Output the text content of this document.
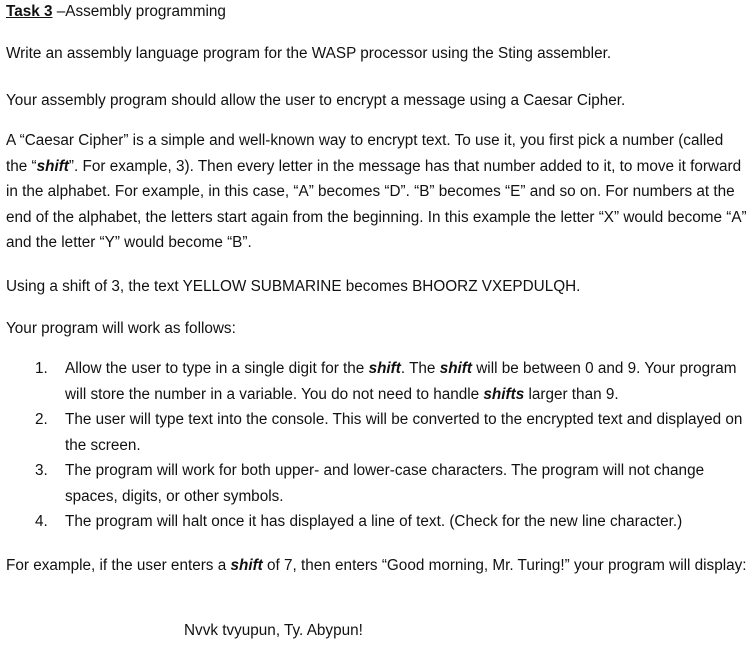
Task 3 –Assembly programming
Write an assembly language program for the WASP processor using the Sting assembler.
Your assembly program should allow the user to encrypt a message using a Caesar Cipher.
A “Caesar Cipher” is a simple and well-known way to encrypt text. To use it, you first pick a number (called the “shift”. For example, 3). Then every letter in the message has that number added to it, to move it forward in the alphabet. For example, in this case, “A” becomes “D”. “B” becomes “E” and so on. For numbers at the end of the alphabet, the letters start again from the beginning. In this example the letter “X” would become “A” and the letter “Y” would become “B”.
Using a shift of 3, the text YELLOW SUBMARINE becomes BHOORZ VXEPDULQH.
Your program will work as follows:
1. Allow the user to type in a single digit for the shift. The shift will be between 0 and 9. Your program will store the number in a variable. You do not need to handle shifts larger than 9.
2. The user will type text into the console. This will be converted to the encrypted text and displayed on the screen.
3. The program will work for both upper- and lower-case characters. The program will not change spaces, digits, or other symbols.
4. The program will halt once it has displayed a line of text. (Check for the new line character.)
For example, if the user enters a shift of 7, then enters “Good morning, Mr. Turing!” your program will display:
Nvvk tvyupun, Ty. Abypun!
